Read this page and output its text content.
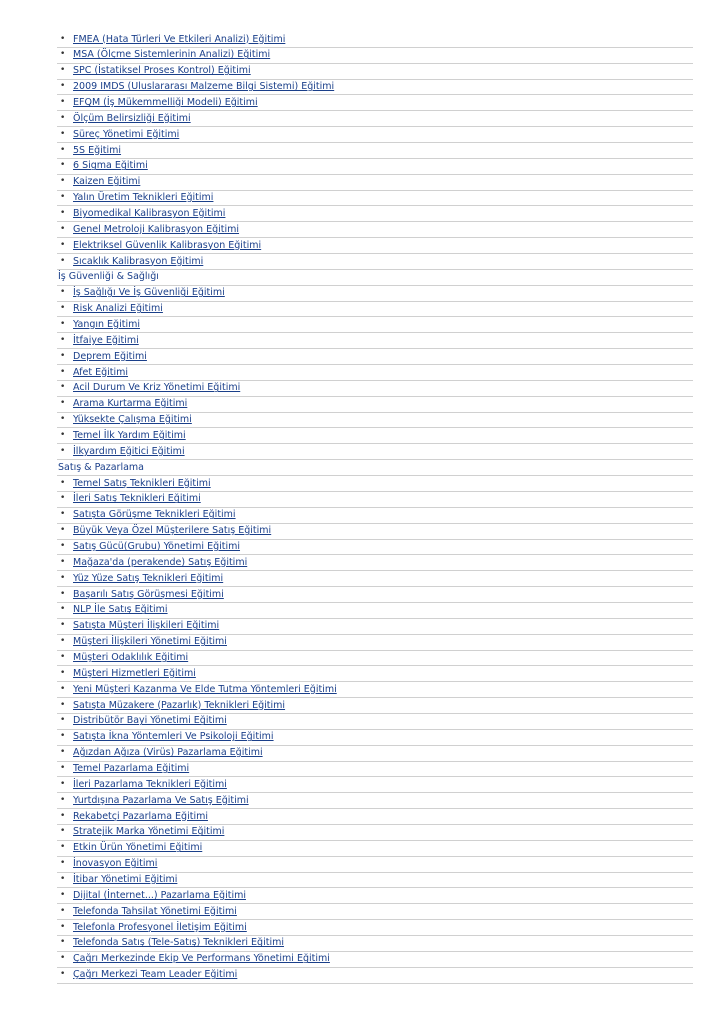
• FMEA (Hata Türleri Ve Etkileri Analizi) Eğitimi
• MSA (Ölçme Sistemlerinin Analizi) Eğitimi
• SPC (İstatiksel Proses Kontrol) Eğitimi
• 2009 IMDS (Uluslararası Malzeme Bilgi Sistemi) Eğitimi
• EFQM (İş Mükemmelliği Modeli) Eğitimi
• Ölçüm Belirsizliği Eğitimi
• Süreç Yönetimi Eğitimi
• 5S Eğitimi
• 6 Sigma Eğitimi
• Kaizen Eğitimi
• Yalın Üretim Teknikleri Eğitimi
• Biyomedikal Kalibrasyon Eğitimi
• Genel Metroloji Kalibrasyon Eğitimi
• Elektriksel Güvenlik Kalibrasyon Eğitimi
• Sıcaklık Kalibrasyon Eğitimi
İş Güvenliği & Sağlığı
• İş Sağlığı Ve İş Güvenliği Eğitimi
• Risk Analizi Eğitimi
• Yangın Eğitimi
• İtfaiye Eğitimi
• Deprem Eğitimi
• Afet Eğitimi
• Acil Durum Ve Kriz Yönetimi Eğitimi
• Arama Kurtarma Eğitimi
• Yüksekte Çalışma Eğitimi
• Temel İlk Yardım Eğitimi
• İlkyardım Eğitici Eğitimi
Satış & Pazarlama
• Temel Satış Teknikleri Eğitimi
• İleri Satış Teknikleri Eğitimi
• Satışta Görüşme Teknikleri Eğitimi
• Büyük Veya Özel Müşterilere Satış Eğitimi
• Satış Gücü(Grubu) Yönetimi Eğitimi
• Mağaza'da (perakende) Satış Eğitimi
• Yüz Yüze Satış Teknikleri Eğitimi
• Başarılı Satış Görüşmesi Eğitimi
• NLP İle Satış Eğitimi
• Satışta Müşteri İlişkileri Eğitimi
• Müşteri İlişkileri Yönetimi Eğitimi
• Müşteri Odaklılık Eğitimi
• Müşteri Hizmetleri Eğitimi
• Yeni Müşteri Kazanma Ve Elde Tutma Yöntemleri Eğitimi
• Satışta Müzakere (Pazarlık) Teknikleri Eğitimi
• Distribütör Bayi Yönetimi Eğitimi
• Satışta İkna Yöntemleri Ve Psikoloji Eğitimi
• Ağızdan Ağıza (Virüs) Pazarlama Eğitimi
• Temel Pazarlama Eğitimi
• İleri Pazarlama Teknikleri Eğitimi
• Yurtdışına Pazarlama Ve Satış Eğitimi
• Rekabetçi Pazarlama Eğitimi
• Stratejik Marka Yönetimi Eğitimi
• Etkin Ürün Yönetimi Eğitimi
• İnovasyon Eğitimi
• İtibar Yönetimi Eğitimi
• Dijital (İnternet...) Pazarlama Eğitimi
• Telefonda Tahsilat Yönetimi Eğitimi
• Telefonla Profesyonel İletişim Eğitimi
• Telefonda Satış (Tele-Satış) Teknikleri Eğitimi
• Çağrı Merkezinde Ekip Ve Performans Yönetimi Eğitimi
• Çağrı Merkezi Team Leader Eğitimi
